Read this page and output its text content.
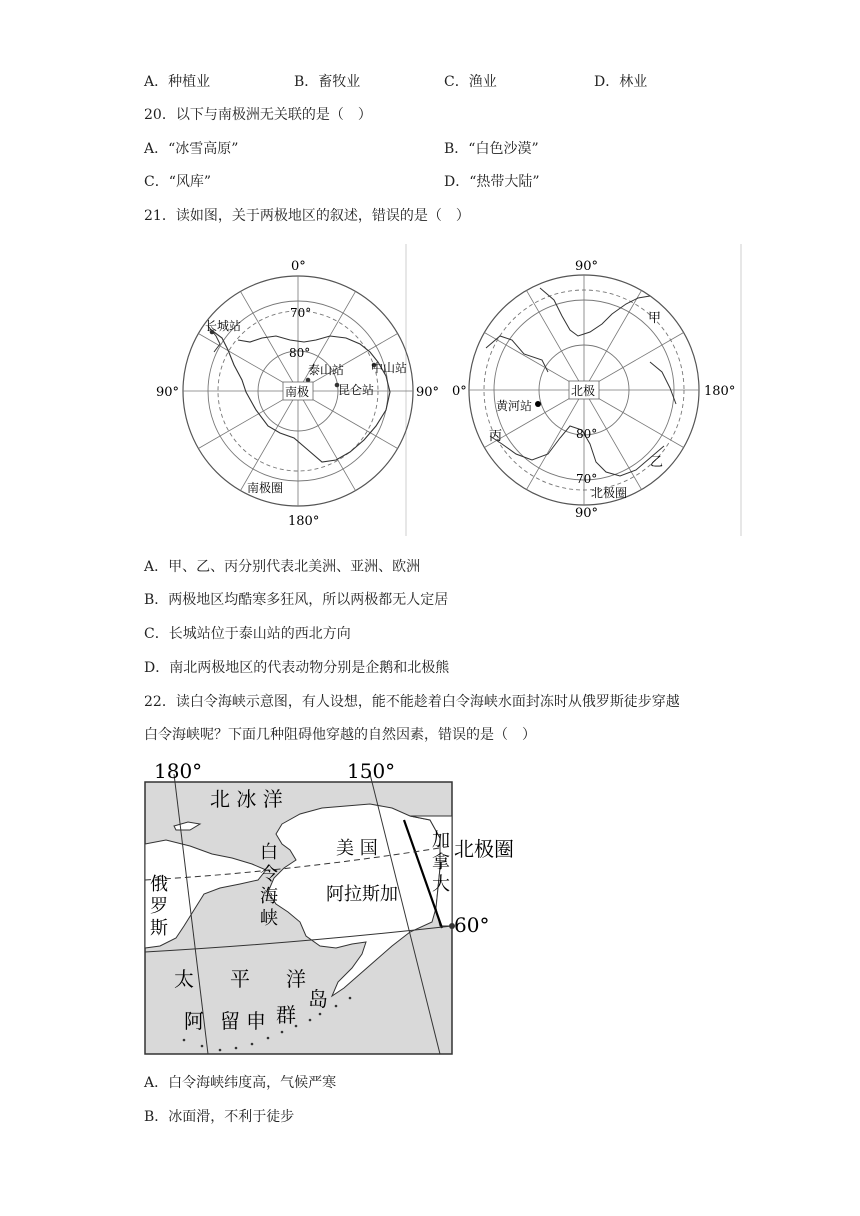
A．种植业	B．畜牧业	C．渔业	D．林业
20．以下与南极洲无关联的是（　）
A．“冰雪高原”	B．“白色沙漠”
C．“风库”	D．“热带大陆”
21．读如图，关于两极地区的叙述，错误的是（　）
0°
180°
90°	90°
70°
80°
南极
南极圈
长城站
泰山站 中山站
昆仑站
90°
90°
0°	180°
80°
70°
北极
北极圈
黄河站
甲
乙
丙
A．甲、乙、丙分别代表北美洲、亚洲、欧洲
B．两极地区均酷寒多狂风，所以两极都无人定居
C．长城站位于泰山站的西北方向
D．南北两极地区的代表动物分别是企鹅和北极熊
22．读白令海峡示意图，有人设想，能不能趁着白令海峡水面封冻时从俄罗斯徒步穿越
白令海峡呢？下面几种阻碍他穿越的自然因素，错误的是（　）
180°	150°
60°
北 冰 洋
北极圈
美 国
阿拉斯加
加
拿
大
俄
罗
斯
白
令
海
峡
太 平 洋
阿 留 申 群
岛
A．白令海峡纬度高，气候严寒
B．冰面滑，不利于徒步
